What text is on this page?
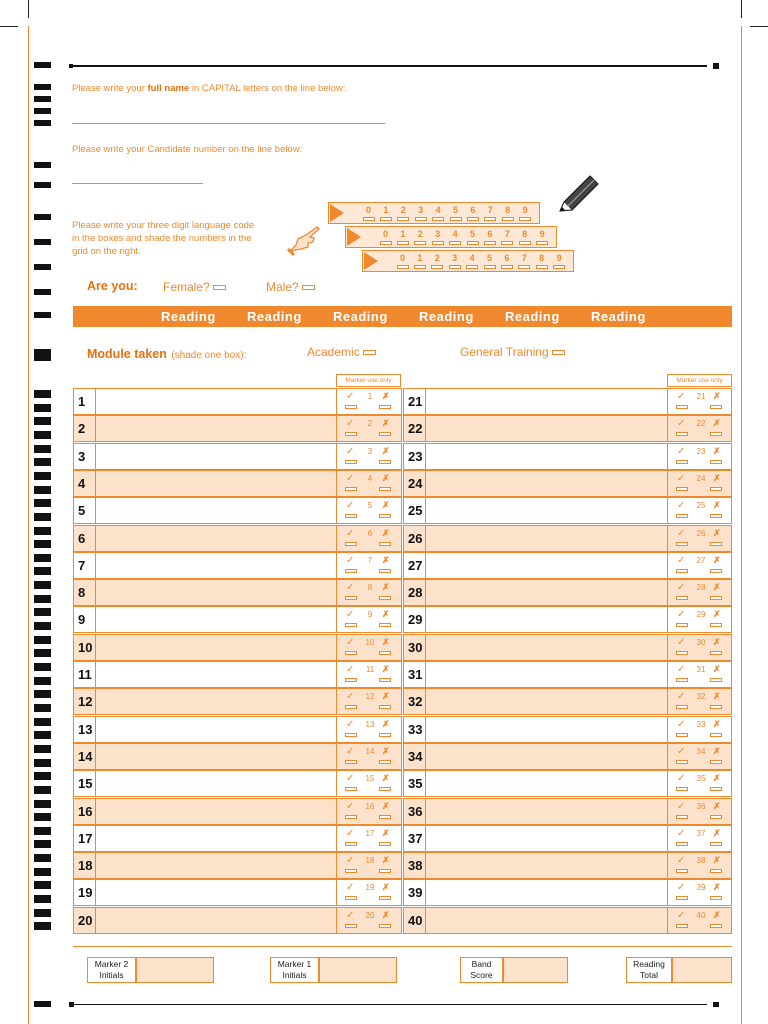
Please write your full name in CAPITAL letters on the line below:
Please write your Candidate number on the line below:
Please write your three digit language code
in the boxes and shade the numbers in the
grid on the right.
0	1	2	3	4	5	6	7	8	9
0	1	2	3	4	5	6	7	8	9
0	1	2	3	4	5	6	7	8	9
Are you: Female?	Male?
Reading Reading Reading Reading Reading Reading
Module taken (shade one box):	Academic	General Training
Marker use only	Marker use only
1	✓	1	✗
2	✓	2	✗
3	✓	3	✗
4	✓	4	✗
5	✓	5	✗
6	✓	6	✗
7	✓	7	✗
8	✓	8	✗
9	✓	9	✗
10	✓	10 ✗
11	✓	11 ✗
12	✓	12 ✗
13	✓	13 ✗
14	✓	14 ✗
15	✓	15 ✗
16	✓	16 ✗
17	✓	17 ✗
18	✓	18 ✗
19	✓	19 ✗
20	✓	20 ✗
21	✓	21 ✗
22	✓	22 ✗
23	✓	23 ✗
24	✓	24 ✗
25	✓	25 ✗
26	✓	26 ✗
27	✓	27 ✗
28	✓	28 ✗
29	✓	29 ✗
30	✓	30 ✗
31	✓	31 ✗
32	✓	32 ✗
33	✓	33 ✗
34	✓	34 ✗
35	✓	35 ✗
36	✓	36 ✗
37	✓	37 ✗
38	✓	38 ✗
39	✓	39 ✗
40	✓	40 ✗
Marker 2
Initials
Marker 1
Initials
Band
Score
Reading
Total
